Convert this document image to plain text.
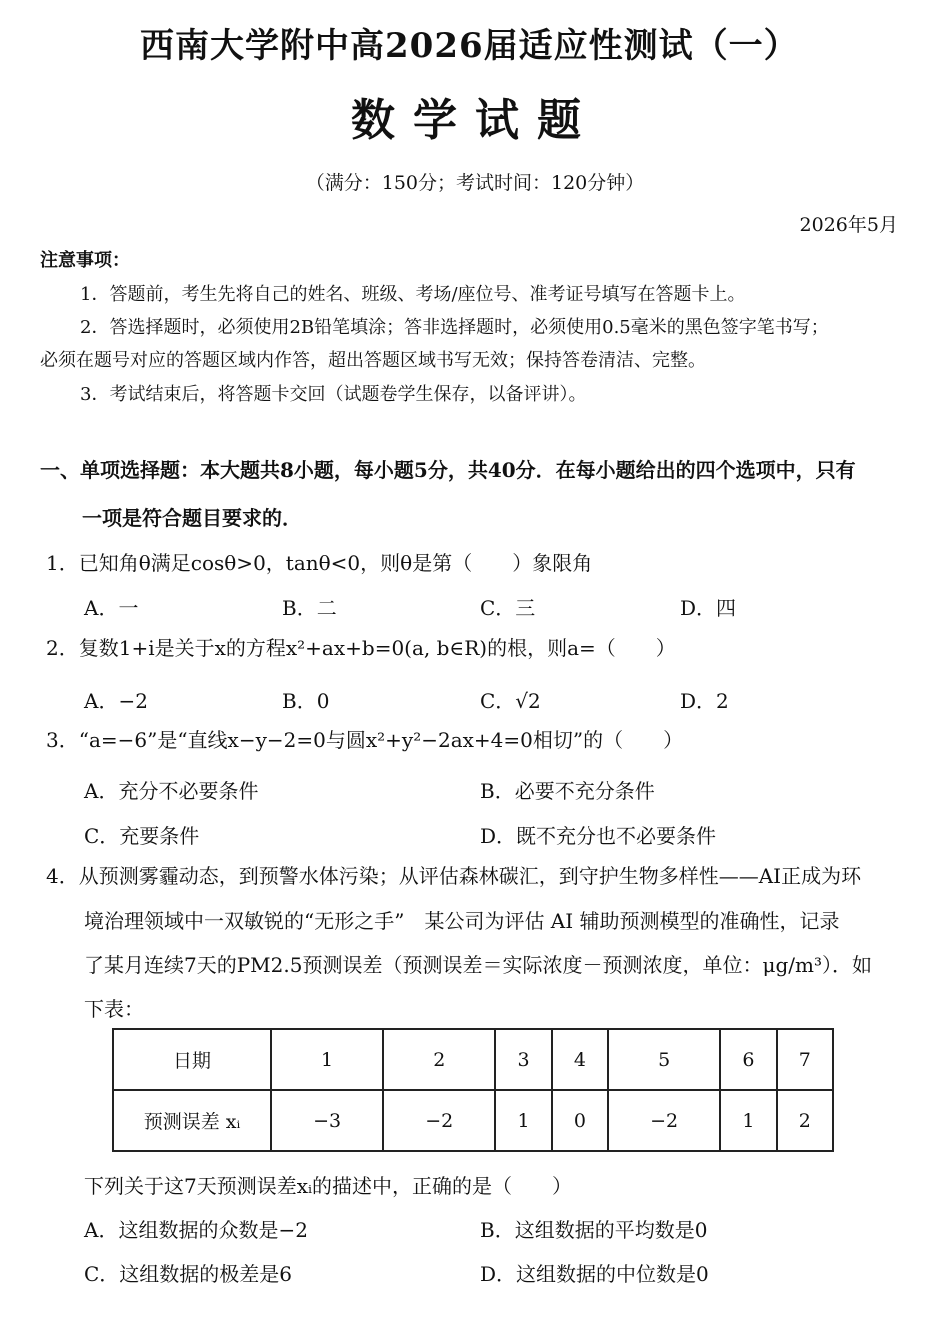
西南大学附中高2026届适应性测试（一）
数学试题
（满分：150分；考试时间：120分钟）
2026年5月
注意事项：
1．答题前，考生先将自己的姓名、班级、考场/座位号、准考证号填写在答题卡上。
2．答选择题时，必须使用2B铅笔填涂；答非选择题时，必须使用0.5毫米的黑色签字笔书写；
必须在题号对应的答题区域内作答，超出答题区域书写无效；保持答卷清洁、完整。
3．考试结束后，将答题卡交回（试题卷学生保存，以备评讲）。
一、单项选择题：本大题共8小题，每小题5分，共40分．在每小题给出的四个选项中，只有
一项是符合题目要求的．
1．已知角θ满足cosθ>0，tanθ<0，则θ是第（　　）象限角
A．一	B．二	C．三	D．四
2．复数1+i是关于x的方程x²+ax+b=0(a, b∈R)的根，则a=（　　）
A．−2	B．0	C．√2	D．2
3．“a=−6”是“直线x−y−2=0与圆x²+y²−2ax+4=0相切”的（　　）
A．充分不必要条件	B．必要不充分条件
C．充要条件	D．既不充分也不必要条件
4．从预测雾霾动态，到预警水体污染；从评估森林碳汇，到守护生物多样性——AI正成为环
境治理领域中一双敏锐的“无形之手”　某公司为评估 AI 辅助预测模型的准确性，记录
了某月连续7天的PM2.5预测误差（预测误差＝实际浓度－预测浓度，单位：μg/m³）．如
下表：
日期	1	2	3	4	5	6	7
预测误差 xᵢ	−3	−2	1	0	−2	1	2
下列关于这7天预测误差xᵢ的描述中，正确的是（　　）
A．这组数据的众数是−2	B．这组数据的平均数是0
C．这组数据的极差是6	D．这组数据的中位数是0
